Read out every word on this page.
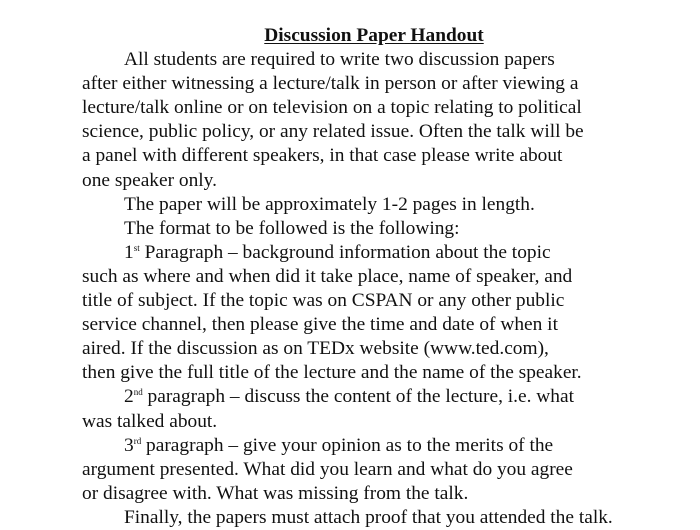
Discussion Paper Handout

All students are required to write two discussion papers
after either witnessing a lecture/talk in person or after viewing a
lecture/talk online or on television on a topic relating to political
science, public policy, or any related issue. Often the talk will be
a panel with different speakers, in that case please write about
one speaker only.

The paper will be approximately 1-2 pages in length.

The format to be followed is the following:

1st Paragraph – background information about the topic
such as where and when did it take place, name of speaker, and
title of subject. If the topic was on CSPAN or any other public
service channel, then please give the time and date of when it
aired. If the discussion as on TEDx website (www.ted.com),
then give the full title of the lecture and the name of the speaker.

2nd paragraph – discuss the content of the lecture, i.e. what
was talked about.

3rd paragraph – give your opinion as to the merits of the
argument presented. What did you learn and what do you agree
or disagree with. What was missing from the talk.

Finally, the papers must attach proof that you attended the talk.
